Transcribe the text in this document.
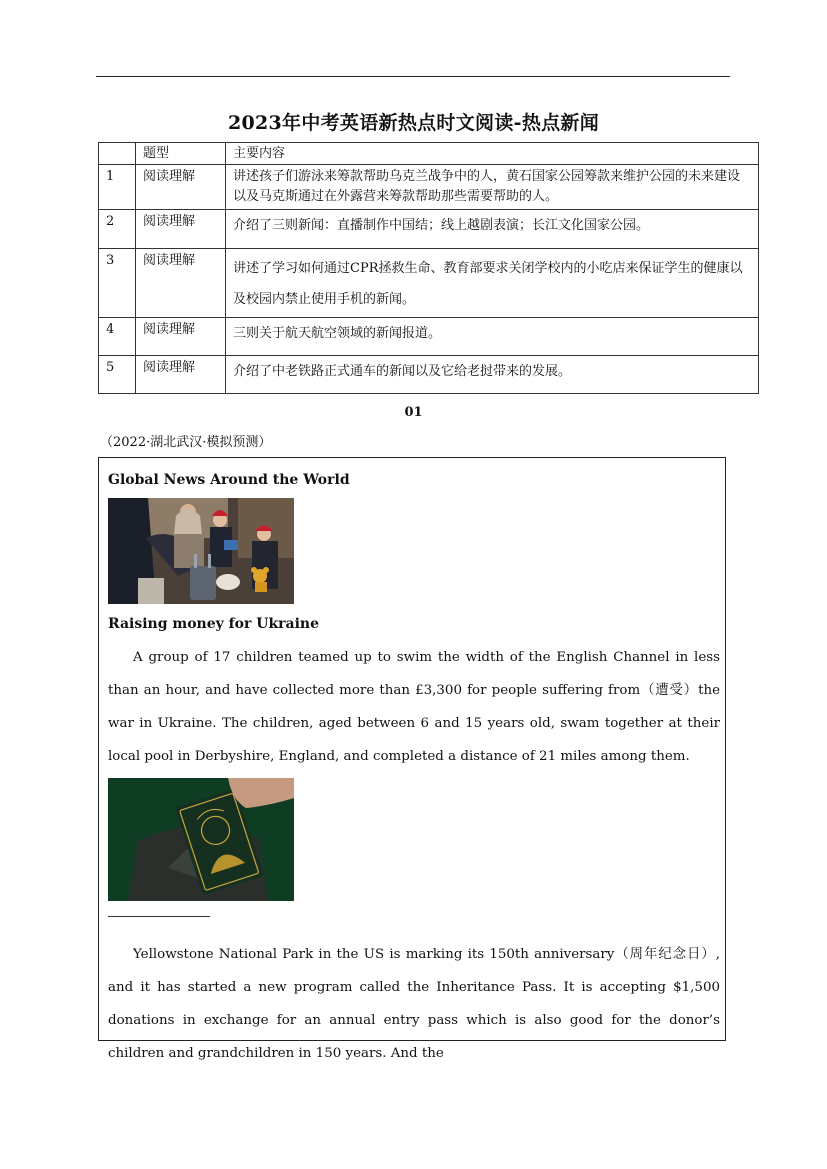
2023年中考英语新热点时文阅读-热点新闻
	题型	主要内容
1	阅读理解	讲述孩子们游泳来筹款帮助乌克兰战争中的人，黄石国家公园筹款来维护公园的未来建设以及马克斯通过在外露营来筹款帮助那些需要帮助的人。
2	阅读理解	介绍了三则新闻：直播制作中国结；线上越剧表演；长江文化国家公园。
3	阅读理解	讲述了学习如何通过CPR拯救生命、教育部要求关闭学校内的小吃店来保证学生的健康以及校园内禁止使用手机的新闻。
4	阅读理解	三则关于航天航空领域的新闻报道。
5	阅读理解	介绍了中老铁路正式通车的新闻以及它给老挝带来的发展。
01
（2022·湖北武汉·模拟预测）
Global News Around the World
Raising money for Ukraine
A group of 17 children teamed up to swim the width of the English Channel in less than an hour, and have collected more than £3,300 for people suffering from（遭受）the war in Ukraine. The children, aged between 6 and 15 years old, swam together at their local pool in Derbyshire, England, and completed a distance of 21 miles among them.
Yellowstone National Park in the US is marking its 150th anniversary（周年纪念日）, and it has started a new program called the Inheritance Pass. It is accepting $1,500 donations in exchange for an annual entry pass which is also good for the donor’s children and grandchildren in 150 years. And the
